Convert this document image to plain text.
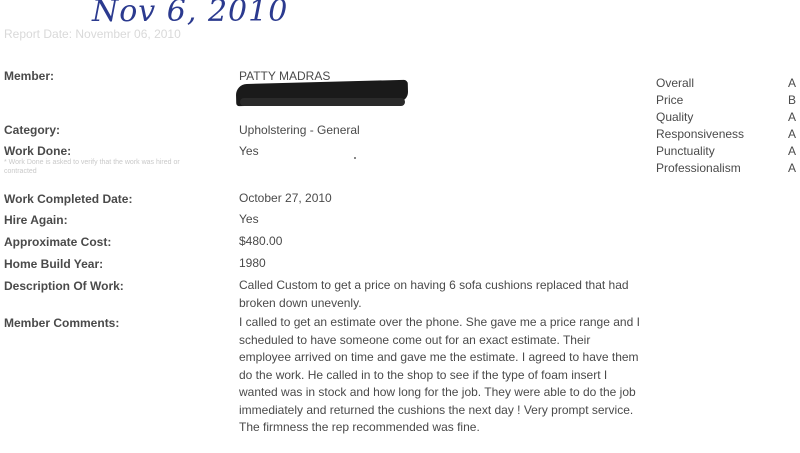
Nov 6, 2010
Report Date: November 06, 2010
Member:	PATTY MADRAS
Category:	Upholstering - General
Work Done:	Yes
* Work Done is asked to verify that the work was hired or contracted
Work Completed Date:	October 27, 2010
Hire Again:	Yes
Approximate Cost:	$480.00
Home Build Year:	1980
Description Of Work:	Called Custom to get a price on having 6 sofa cushions replaced that had broken down unevenly.
Member Comments:	I called to get an estimate over the phone. She gave me a price range and I scheduled to have someone come out for an exact estimate. Their employee arrived on time and gave me the estimate. I agreed to have them do the work. He called in to the shop to see if the type of foam insert I wanted was in stock and how long for the job. They were able to do the job immediately and returned the cushions the next day ! Very prompt service. The firmness the rep recommended was fine.
Overall	A
Price	B
Quality	A
Responsiveness	A
Punctuality	A
Professionalism	A
